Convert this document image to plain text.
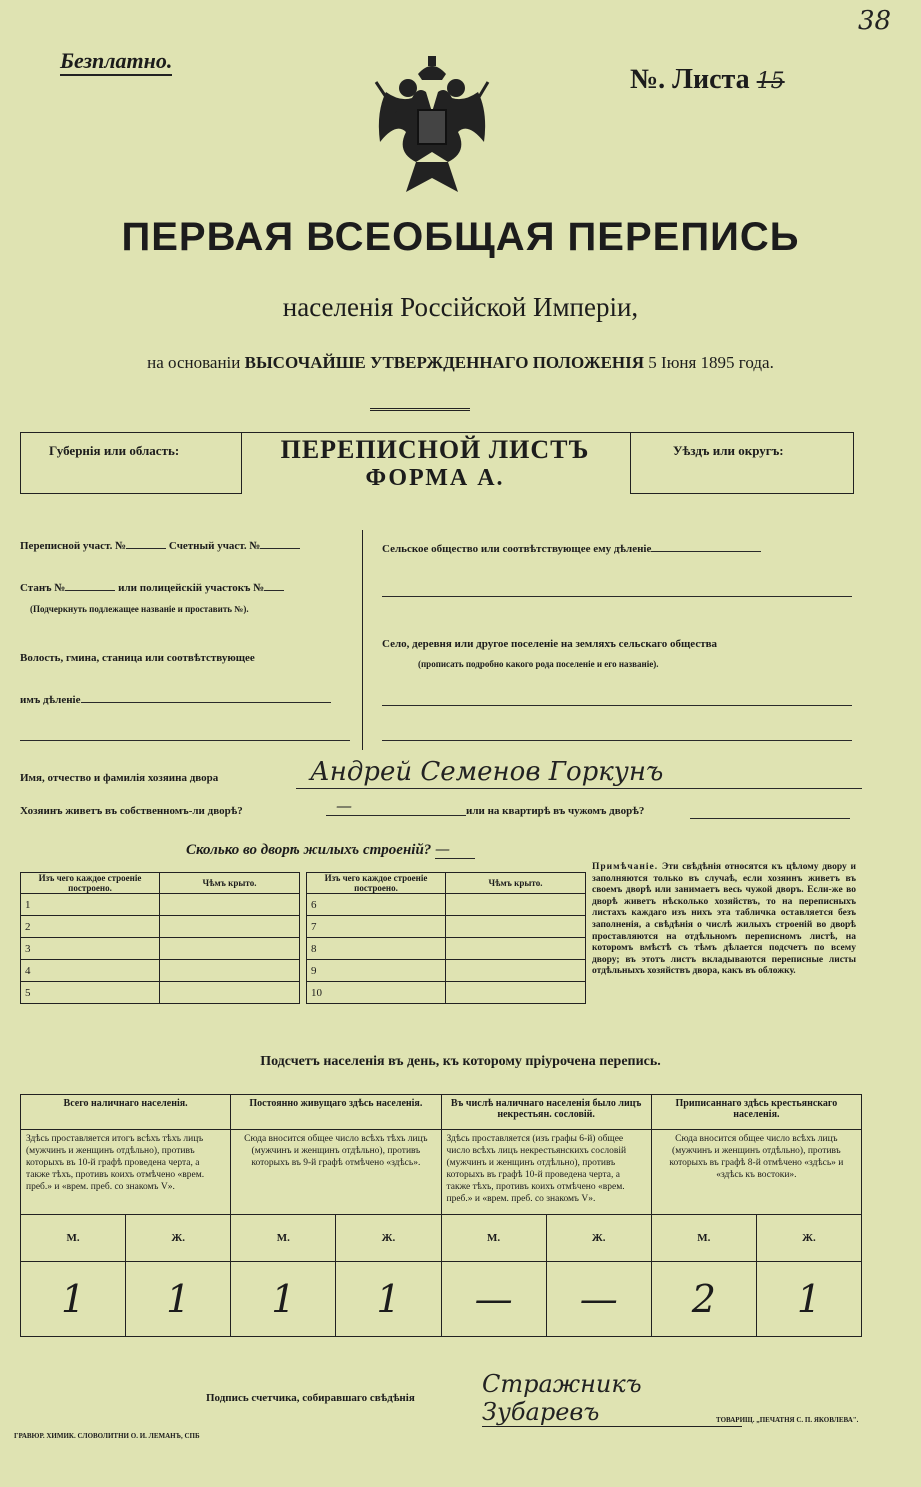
38
Безплатно.
№. Листа 15
ПЕРВАЯ ВСЕОБЩАЯ ПЕРЕПИСЬ
населенія Россійской Имперіи,
на основаніи ВЫСОЧАЙШЕ УТВЕРЖДЕННАГО ПОЛОЖЕНІЯ 5 Іюня 1895 года.
Губернія или область:	ПЕРЕПИСНОЙ ЛИСТЪ
ФОРМА А.
Уѣздъ или округъ:
Переписной участ. №	Счетный участ. №
Станъ №	или полицейскій участокъ №
(Подчеркнуть подлежащее названіе и проставить №).
Волость, гмина, станица или соотвѣтствующее
имъ дѣленіе
Сельское общество или соотвѣтствующее ему дѣленіе
Село, деревня или другое поселеніе на земляхъ сельскаго общества
(прописать подробно какого рода поселеніе и его названіе).
Имя, отчество и фамилія хозяина двора	Андрей Семенов Горкунъ
Хозяинъ живетъ въ собственномъ-ли дворѣ?	—	или на квартирѣ въ чужомъ дворѣ?
Сколько во дворѣ жилыхъ строеній? —
Изъ чего каждое строеніе построено.	Чѣмъ крыто.
1	
2	
3	
4	
5	
Изъ чего каждое строеніе построено.	Чѣмъ крыто.
6	
7	
8	
9	
10	
Примѣчаніе. Эти свѣдѣнія относятся къ цѣлому двору и заполняются только въ случаѣ, если хозяинъ живетъ въ своемъ дворѣ или занимаетъ весь чужой дворъ. Если-же во дворѣ живетъ нѣсколько хозяйствъ, то на переписныхъ листахъ каждаго изъ нихъ эта табличка оставляется безъ заполненія, а свѣдѣнія о числѣ жилыхъ строеній во дворѣ проставляются на отдѣльномъ переписномъ листѣ, на которомъ вмѣстѣ съ тѣмъ дѣлается подсчетъ по всему двору; въ этотъ листъ вкладываются переписные листы отдѣльныхъ хозяйствъ двора, какъ въ обложку.
Подсчетъ населенія въ день, къ которому пріурочена перепись.
Всего наличнаго населенія.		Постоянно живущаго здѣсь населенія.		Въ числѣ наличнаго населенія было лицъ некрестьян. сословій.		Приписаннаго здѣсь крестьянскаго населенія.	
Здѣсь проставляется итогъ всѣхъ тѣхъ лицъ (мужчинъ и женщинъ отдѣльно), противъ которыхъ въ 10-й графѣ проведена черта, а также тѣхъ, противъ коихъ отмѣчено «врем. преб.» и «врем. преб. со знакомъ V».		Сюда вносится общее число всѣхъ тѣхъ лицъ (мужчинъ и женщинъ отдѣльно), противъ которыхъ въ 9-й графѣ отмѣчено «здѣсь».		Здѣсь проставляется (изъ графы 6-й) общее число всѣхъ лицъ некрестьянскихъ сословій (мужчинъ и женщинъ отдѣльно), противъ которыхъ въ графѣ 10-й проведена черта, а также тѣхъ, противъ коихъ отмѣчено «врем. преб.» и «врем. преб. со знакомъ V».		Сюда вносится общее число всѣхъ лицъ (мужчинъ и женщинъ отдѣльно), противъ которыхъ въ графѣ 8-й отмѣчено «здѣсь» и «здѣсь къ востоки».	
М.	Ж.	М.	Ж.	М.	Ж.	М.	Ж.
1	1	1	1	—	—	2	1
Подпись счетчика, собиравшаго свѣдѣнія	Стражникъ Зубаревъ
ГРАВЮР. ХИМИК. СЛОВОЛИТНИ О. И. ЛЕМАНЪ, СПБ
ТОВАРИЩ. „ПЕЧАТНЯ С. П. ЯКОВЛЕВА".
